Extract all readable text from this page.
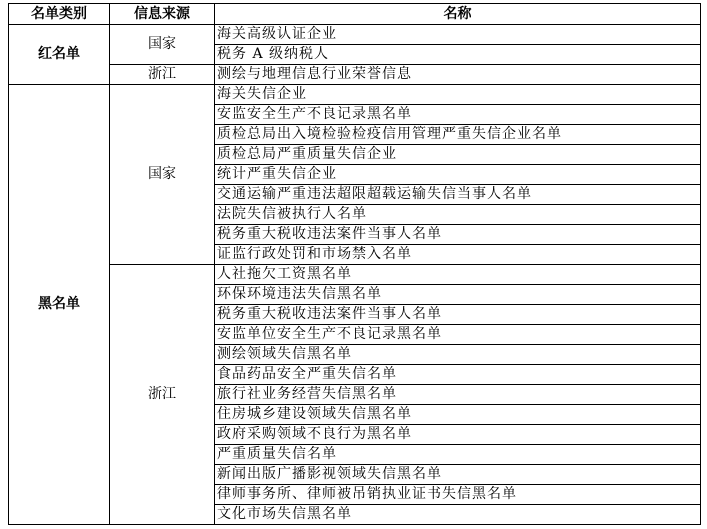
名单类别	信息来源	名称
红名单	国家	海关高级认证企业
		税务 A 级纳税人
	浙江	测绘与地理信息行业荣誉信息
黑名单	国家	海关失信企业
		安监安全生产不良记录黑名单
		质检总局出入境检验检疫信用管理严重失信企业名单
		质检总局严重质量失信企业
		统计严重失信企业
		交通运输严重违法超限超载运输失信当事人名单
		法院失信被执行人名单
		税务重大税收违法案件当事人名单
		证监行政处罚和市场禁入名单
	浙江	人社拖欠工资黑名单
		环保环境违法失信黑名单
		税务重大税收违法案件当事人名单
		安监单位安全生产不良记录黑名单
		测绘领域失信黑名单
		食品药品安全严重失信名单
		旅行社业务经营失信黑名单
		住房城乡建设领域失信黑名单
		政府采购领域不良行为黑名单
		严重质量失信名单
		新闻出版广播影视领域失信黑名单
		律师事务所、律师被吊销执业证书失信黑名单
		文化市场失信黑名单
